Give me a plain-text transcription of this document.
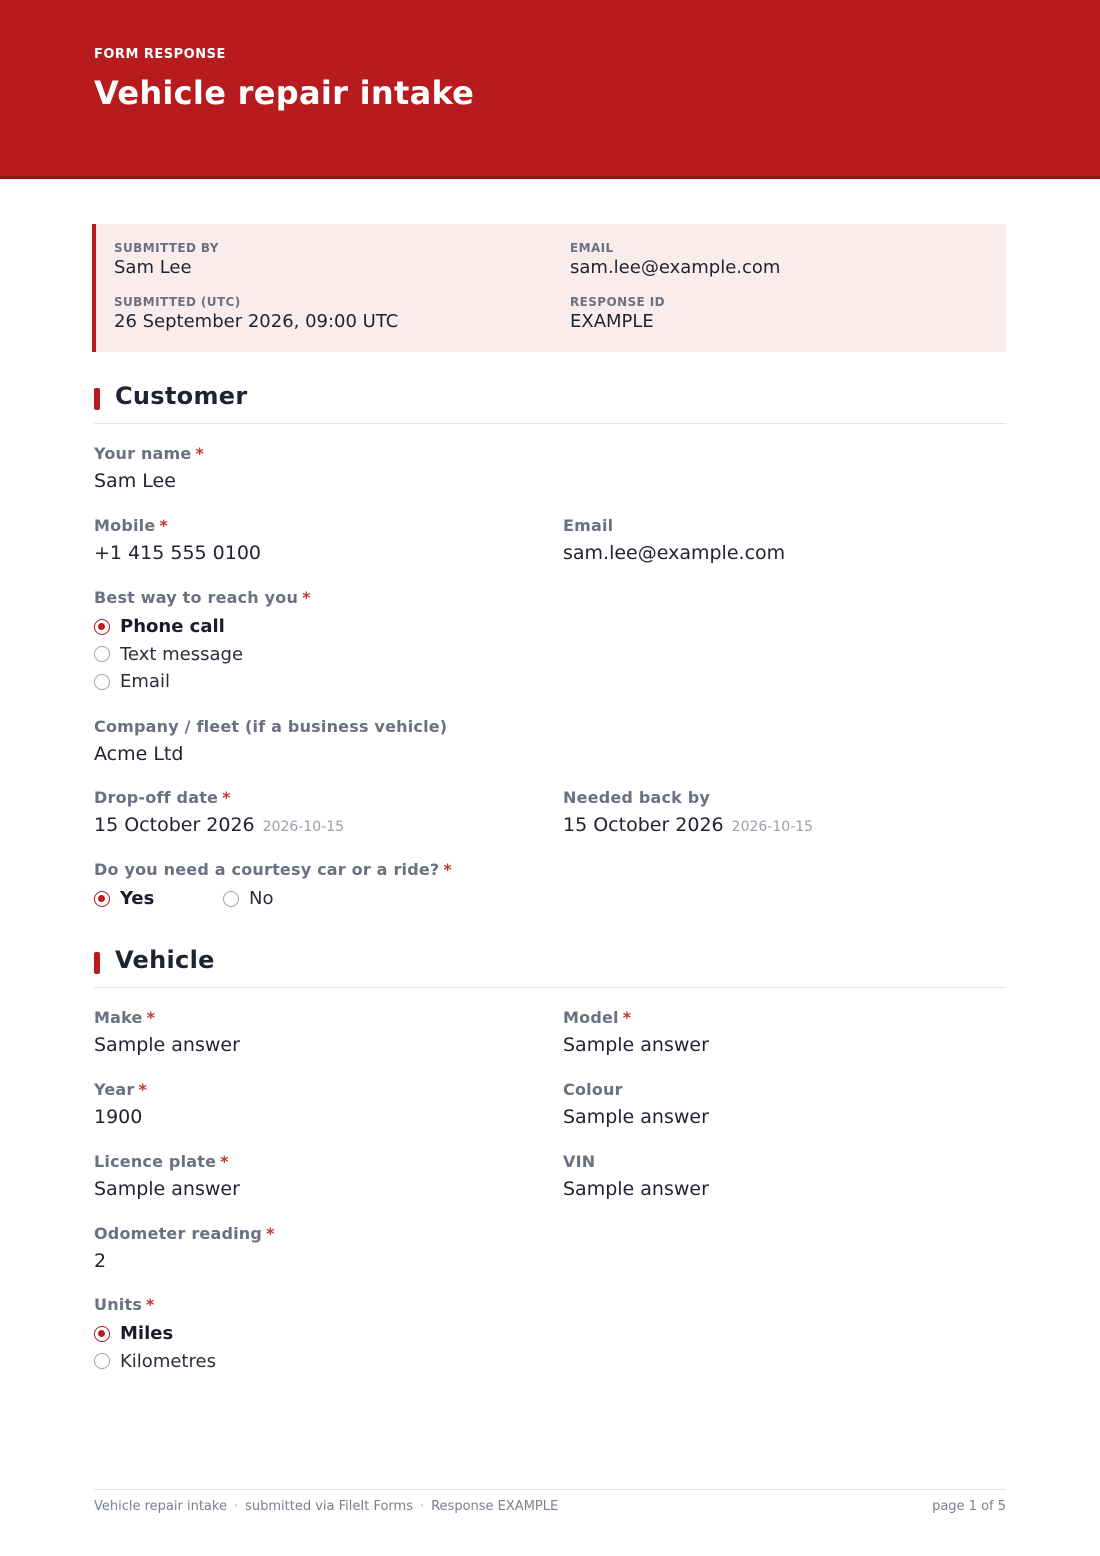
FORM RESPONSE
Vehicle repair intake
SUBMITTED BY
Sam Lee
EMAIL
sam.lee@example.com
SUBMITTED (UTC)
26 September 2026, 09:00 UTC
RESPONSE ID
EXAMPLE
Customer
Your name *
Sam Lee
Mobile *
+1 415 555 0100
Email
sam.lee@example.com
Best way to reach you *
Phone call
Text message
Email
Company / fleet (if a business vehicle)
Acme Ltd
Drop-off date *
15 October 2026 2026-10-15
Needed back by
15 October 2026 2026-10-15
Do you need a courtesy car or a ride? *
Yes	No
Vehicle
Make *
Sample answer
Model *
Sample answer
Year *
1900
Colour
Sample answer
Licence plate *
Sample answer
VIN
Sample answer
Odometer reading *
2
Units *
Miles
Kilometres
Vehicle repair intake · submitted via FileIt Forms · Response EXAMPLE	page 1 of 5
